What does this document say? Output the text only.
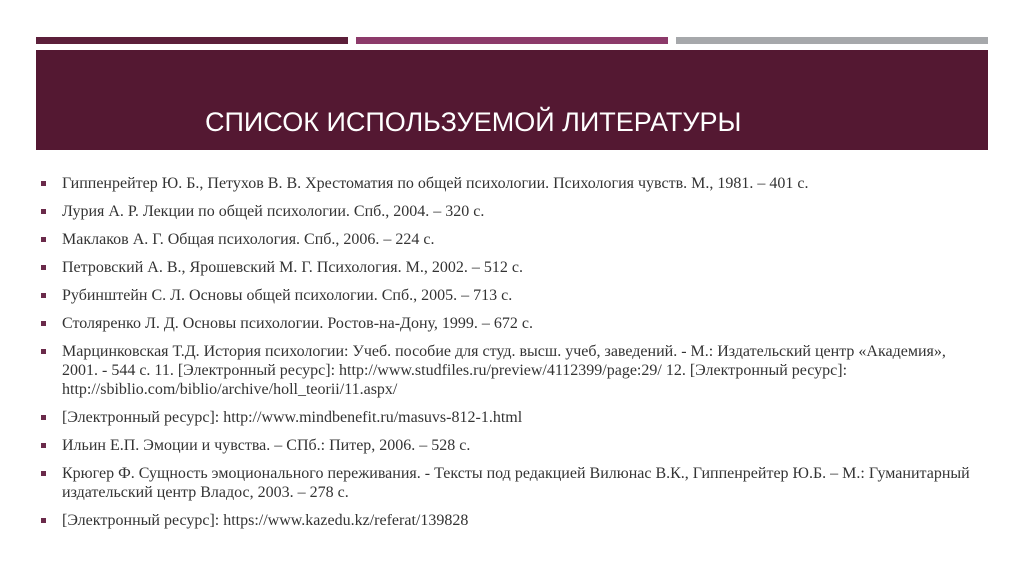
СПИСОК ИСПОЛЬЗУЕМОЙ ЛИТЕРАТУРЫ
Гиппенрейтер Ю. Б., Петухов В. В. Хрестоматия по общей психологии. Психология чувств. М., 1981. – 401 с.
Лурия А. Р. Лекции по общей психологии. Спб., 2004. – 320 с.
Маклаков А. Г. Общая психология. Спб., 2006. – 224 с.
Петровский А. В., Ярошевский М. Г. Психология. М., 2002. – 512 с.
Рубинштейн С. Л. Основы общей психологии. Спб., 2005. – 713 с.
Столяренко Л. Д. Основы психологии. Ростов-на-Дону, 1999. – 672 с.
Марцинковская Т.Д. История психологии: Учеб. пособие для студ. высш. учеб, заведений. - М.: Издательский центр «Академия», 2001. - 544 с. 11. [Электронный ресурс]: http://www.studfiles.ru/preview/4112399/page:29/ 12. [Электронный ресурс]: http://sbiblio.com/biblio/archive/holl_teorii/11.aspx/
[Электронный ресурс]: http://www.mindbenefit.ru/masuvs-812-1.html
Ильин Е.П. Эмоции и чувства. – СПб.: Питер, 2006. – 528 с.
Крюгер Ф. Сущность эмоционального переживания. - Тексты под редакцией Вилюнас В.К., Гиппенрейтер Ю.Б. – М.: Гуманитарный издательский центр Владос, 2003. – 278 с.
[Электронный ресурс]: https://www.kazedu.kz/referat/139828
